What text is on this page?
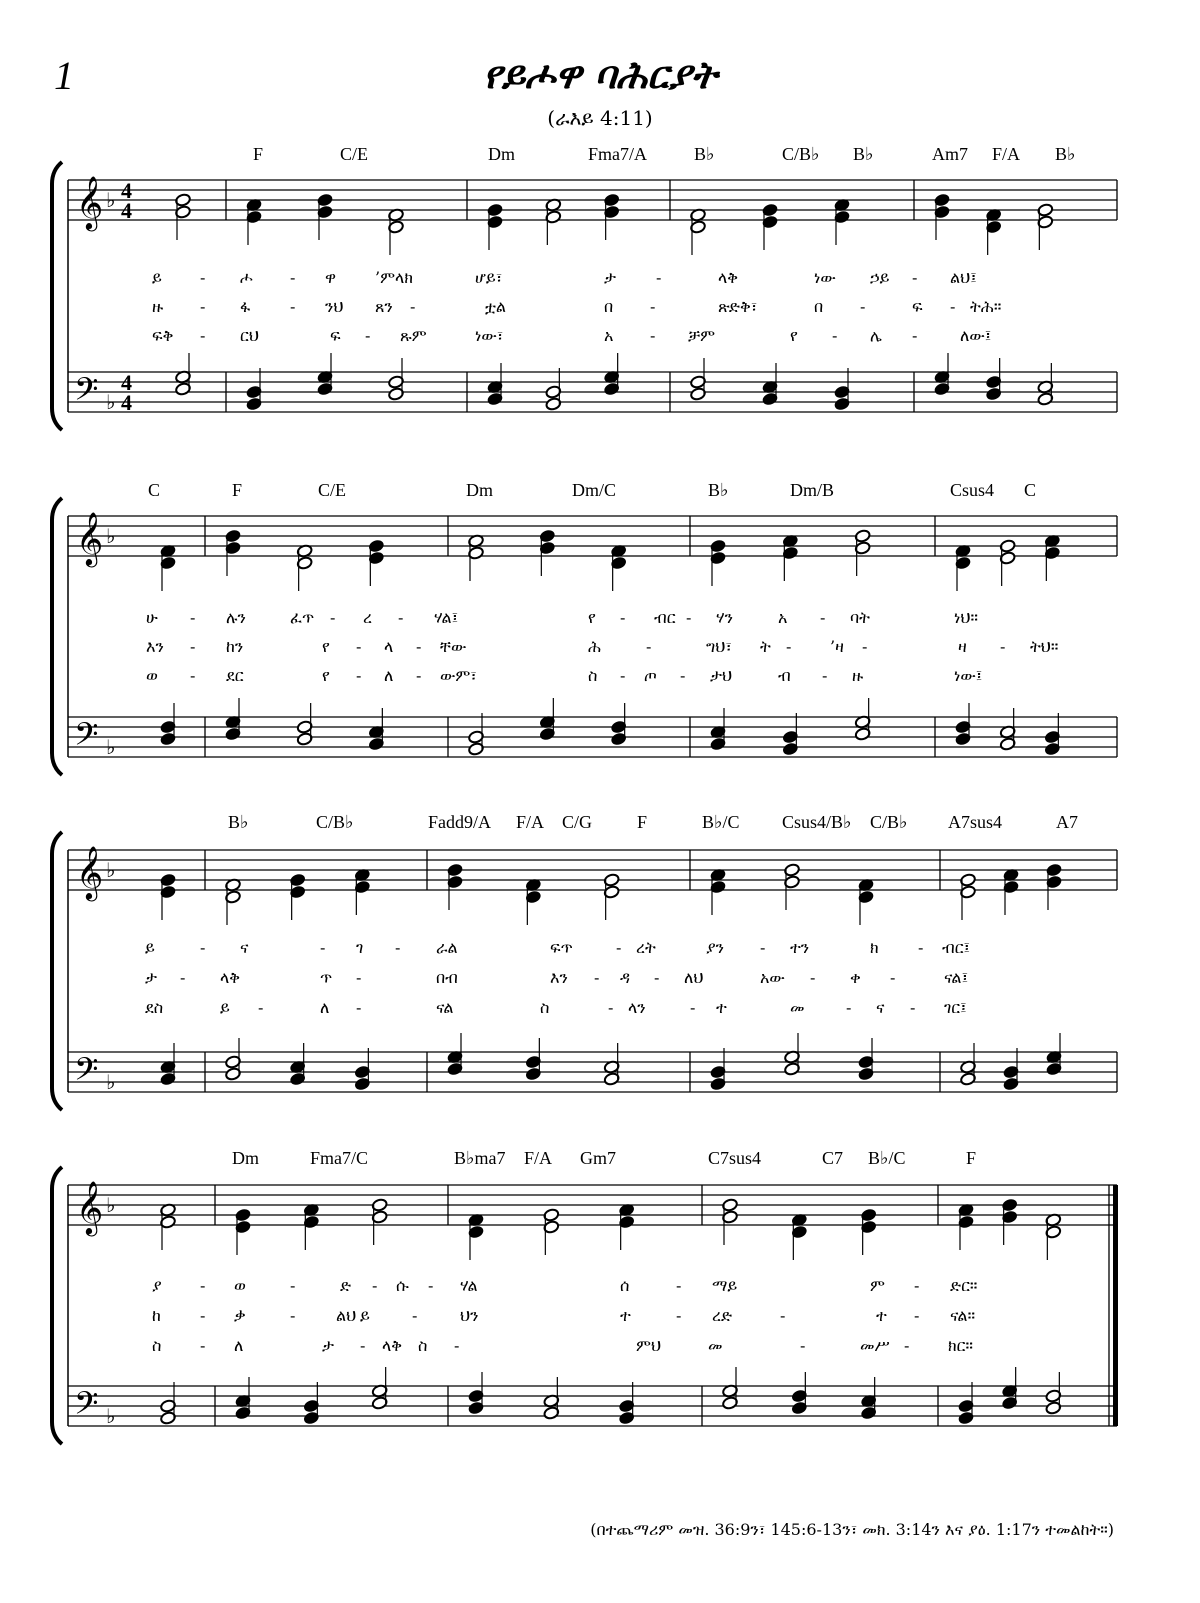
1	የይሖዋ ባሕርያት
(ራእይ 4:11)
𝄞
𝄢
♭
♭
4
4
4
4
𝄞
𝄢
♭
♭
𝄞
𝄢
♭
♭
𝄞
𝄢
♭
♭
F	C/E	Dm	Fma7/A	B♭	C/B♭ B♭	Am7 F/A B♭
ይ - ሖ - ዋ ’ምላክ	ሆይ፣	ታ	-	ላቅ	ነው ኃይ - ልህ፤
ዙ - ፋ - ንህ ጸን -	ቷል	በ -	ጽድቅ፣	በ -	ፍ - ትሕ።
ፍቅ - ርህ	ፍ - ጹም	ነው፣	አ - ቻም	የ - ሌ -	ለው፤
C	F	C/E	Dm	Dm/C	B♭	Dm/B	Csus4 C
ሁ - ሉን	ፈጥ - ረ - ሃል፤	የ - ብር - ሃን	አ - ባት	ነህ።
እን - ከን	የ - ላ - ቸው	ሕ	-	ግህ፣ ት - ’ዛ -	ዛ - ትህ።
ወ - ደር	የ - ለ - ውም፣	ስ - ጦ - ታህ	ብ - ዙ	ነው፤
B♭	C/B♭	Fadd9/A F/A C/G F	B♭/C Csus4/B♭ C/B♭ A7sus4	A7
ይ	- ና	- ገ - ራል	ፍጥ	- ረት	ያን - ተን	ክ - ብር፤
ታ - ላቅ	ጥ -	በብ	እን - ዳ - ለህ	አው - ቀ -	ናል፤
ደስ	ይ -	ለ -	ናል	ስ	- ላን	- ተ	መ	- ና - ገር፤
Dm	Fma7/C	B♭ma7 F/A Gm7	C7sus4	C7 B♭/C	F
ያ - ወ	-	ድ - ሱ - ሃል	ሰ	- ማይ	ም - ድር።
ከ - ቃ	-	ልህ ይ	-	ህን	ተ	- ረድ	-	ተ - ናል።
ስ - ለ	ታ - ላቅ ስ -	ምህ	መ	-	መሥ - ክር።
(በተጨማሪም መዝ. 36:9ን፣ 145:6-13ን፣ መክ. 3:14ን እና ያዕ. 1:17ን ተመልከት።)
